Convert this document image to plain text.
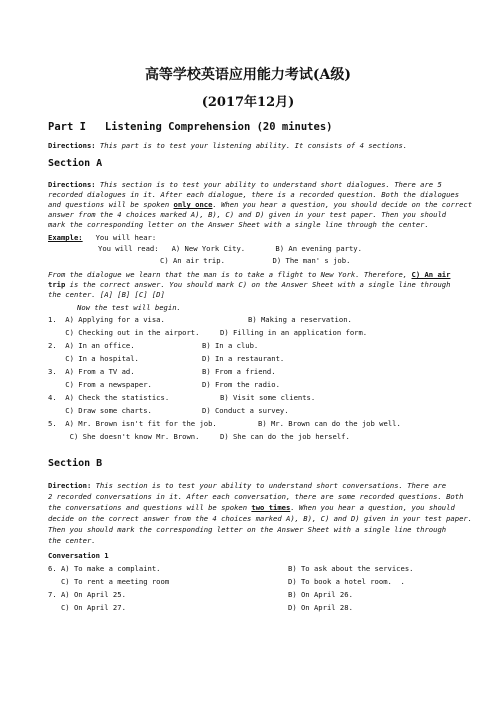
高等学校英语应用能力考试(A级)
(2017年12月)
Part I   Listening Comprehension (20 minutes)
Directions: This part is to test your listening ability. It consists of 4 sections.
Section A
Directions: This section is to test your ability to understand short dialogues. There are 5
recorded dialogues in it. After each dialogue, there is a recorded question. Both the dialogues
and questions will be spoken only once. When you hear a question, you should decide on the correct
answer from the 4 choices marked A), B), C) and D) given in your test paper. Then you should
mark the corresponding letter on the Answer Sheet with a single line through the center.
Example:   You will hear:
You will read:   A) New York City.       B) An evening party.
C) An air trip.           D) The man' s job.
From the dialogue we learn that the man is to take a flight to New York. Therefore, C) An air
trip is the correct answer. You should mark C) on the Answer Sheet with a single line through
the center. [A] [B] [C] [D]
Now the test will begin.
1.  A) Applying for a visa.	B) Making a reservation.
C) Checking out in the airport.	D) Filling in an application form.
2.  A) In an office.	B) In a club.
C) In a hospital.	D) In a restaurant.
3.  A) From a TV ad.	B) From a friend.
C) From a newspaper.	D) From the radio.
4.  A) Check the statistics.	B) Visit some clients.
C) Draw some charts.	D) Conduct a survey.
5.  A) Mr. Brown isn't fit for the job.	B) Mr. Brown can do the job well.
C) She doesn't know Mr. Brown.	D) She can do the job herself.
Section B
Direction: This section is to test your ability to understand short conversations. There are
2 recorded conversations in it. After each conversation, there are some recorded questions. Both
the conversations and questions will be spoken two times. When you hear a question, you should
decide on the correct answer from the 4 choices marked A), B), C) and D) given in your test paper.
Then you should mark the corresponding letter on the Answer Sheet with a single line through
the center.
Conversation 1
6. A) To make a complaint.	B) To ask about the services.
C) To rent a meeting room	D) To book a hotel room.  .
7. A) On April 25.	B) On April 26.
C) On April 27.	D) On April 28.
